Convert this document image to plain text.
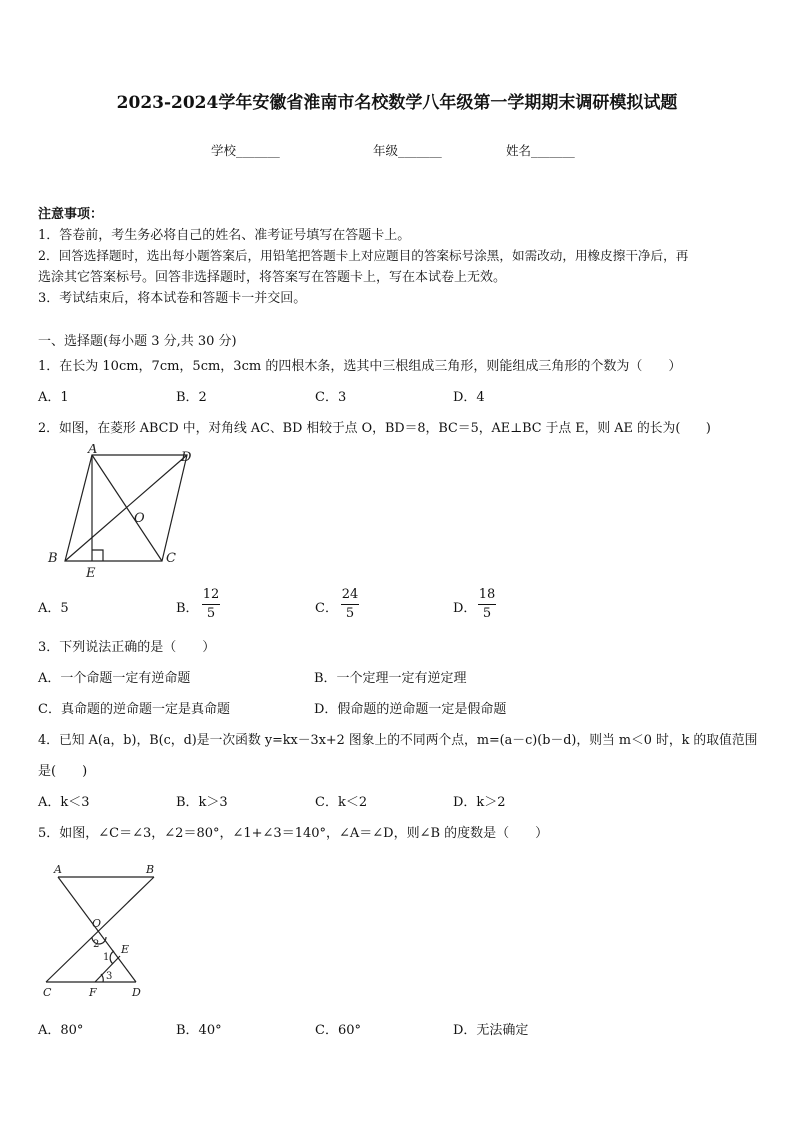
2023-2024学年安徽省淮南市名校数学八年级第一学期期末调研模拟试题
学校_______	年级_______	姓名_______
注意事项：
1．答卷前，考生务必将自己的姓名、准考证号填写在答题卡上。
2．回答选择题时，选出每小题答案后，用铅笔把答题卡上对应题目的答案标号涂黑，如需改动，用橡皮擦干净后，再
选涂其它答案标号。回答非选择题时，将答案写在答题卡上，写在本试卷上无效。
3．考试结束后，将本试卷和答题卡一并交回。
一、选择题(每小题 3 分,共 30 分)
1．在长为 10cm，7cm，5cm，3cm 的四根木条，选其中三根组成三角形，则能组成三角形的个数为（　　）
A．1	B．2	C．3	D．4
2．如图，在菱形 ABCD 中，对角线 AC、BD 相较于点 O，BD＝8，BC＝5，AE⊥BC 于点 E，则 AE 的长为(　　)
A
D
O
B	C
E
A．5	B．
12
5	C．
24
5	D．
18
5
3．下列说法正确的是（　　）
A．一个命题一定有逆命题	B．一个定理一定有逆定理
C．真命题的逆命题一定是真命题	D．假命题的逆命题一定是假命题
4．已知 A(a，b)，B(c，d)是一次函数 y=kx－3x+2 图象上的不同两个点，m=(a－c)(b－d)，则当 m＜0 时，k 的取值范围
是(　　)
A．k＜3	B．k＞3	C．k＜2	D．k＞2
5．如图，∠C＝∠3，∠2＝80°，∠1+∠3＝140°，∠A＝∠D，则∠B 的度数是（　　）
A	B
O
E
C	F	D
2
1
3
A．80°	B．40°	C．60°	D．无法确定
